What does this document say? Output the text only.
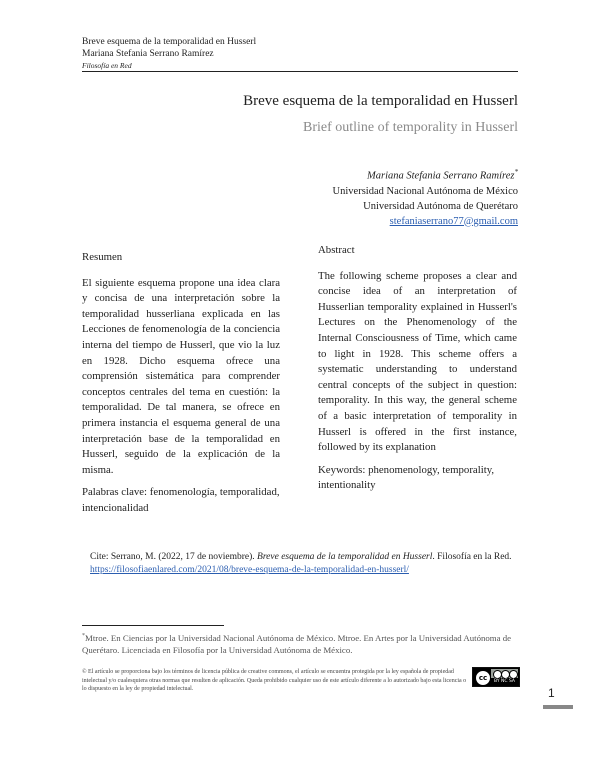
Breve esquema de la temporalidad en Husserl
Mariana Stefania Serrano Ramírez
Filosofía en Red
Breve esquema de la temporalidad en Husserl
Brief outline of temporality in Husserl
Mariana Stefania Serrano Ramírez*
Universidad Nacional Autónoma de México
Universidad Autónoma de Querétaro
stefaniaserrano77@gmail.com
Resumen

El siguiente esquema propone una idea clara y concisa de una interpretación sobre la temporalidad husserliana explicada en las Lecciones de fenomenología de la conciencia interna del tiempo de Husserl, que vio la luz en 1928. Dicho esquema ofrece una comprensión sistemática para comprender conceptos centrales del tema en cuestión: la temporalidad. De tal manera, se ofrece en primera instancia el esquema general de una interpretación base de la temporalidad en Husserl, seguido de la explicación de la misma.

Palabras clave: fenomenología, temporalidad, intencionalidad

Abstract

The following scheme proposes a clear and concise idea of an interpretation of Husserlian temporality explained in Husserl's Lectures on the Phenomenology of the Internal Consciousness of Time, which came to light in 1928. This scheme offers a systematic understanding to understand central concepts of the subject in question: temporality. In this way, the general scheme of a basic interpretation of temporality in Husserl is offered in the first instance, followed by its explanation

Keywords: phenomenology, temporality, intentionality

Cite: Serrano, M. (2022, 17 de noviembre). Breve esquema de la temporalidad en Husserl. Filosofía en la Red. https://filosofiaenlared.com/2021/08/breve-esquema-de-la-temporalidad-en-husserl/
*Mtroe. En Ciencias por la Universidad Nacional Autónoma de México. Mtroe. En Artes por la Universidad Autónoma de Querétaro. Licenciada en Filosofía por la Universidad Autónoma de México.
© El artículo se proporciona bajo los términos de licencia pública de creative commons, el artículo se encuentra protegida por la ley española de propiedad intelectual y/o cualesquiera otras normas que resulten de aplicación. Queda prohibido cualquier uso de este artículo diferente a lo autorizado bajo esta licencia o lo dispuesto en la ley de propiedad intelectual.
cc	BY NC SA
1
